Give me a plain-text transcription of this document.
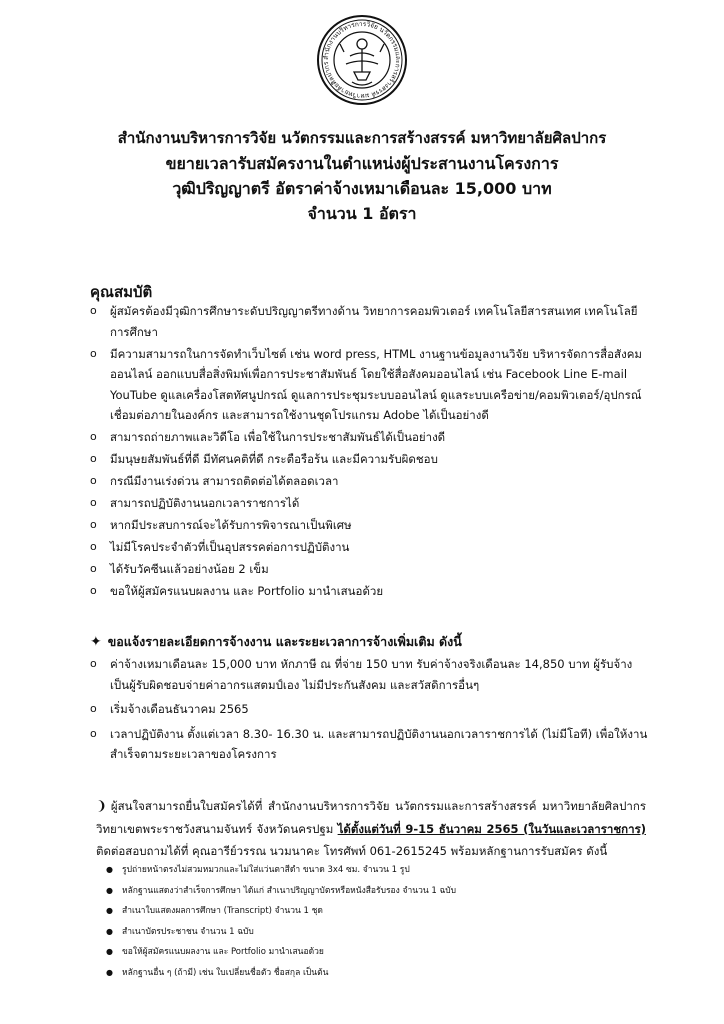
สำนักงานบริหารการวิจัย นวัตกรรมและการสร้างสรรค์ มหาวิทยาลัยศิลปากร
สำนักงานบริหารการวิจัย นวัตกรรมและการสร้างสรรค์ มหาวิทยาลัยศิลปากร
ขยายเวลารับสมัครงานในตำแหน่งผู้ประสานงานโครงการ
วุฒิปริญญาตรี อัตราค่าจ้างเหมาเดือนละ 15,000 บาท
จำนวน 1 อัตรา
คุณสมบัติ
o ผู้สมัครต้องมีวุฒิการศึกษาระดับปริญญาตรีทางด้าน วิทยาการคอมพิวเตอร์ เทคโนโลยีสารสนเทศ เทคโนโลยีการศึกษา
o มีความสามารถในการจัดทำเว็บไซต์ เช่น word press, HTML งานฐานข้อมูลงานวิจัย บริหารจัดการสื่อสังคมออนไลน์ ออกแบบสื่อสิ่งพิมพ์เพื่อการประชาสัมพันธ์ โดยใช้สื่อสังคมออนไลน์ เช่น Facebook Line E-mail YouTube ดูแลเครื่องโสตทัศนูปกรณ์ ดูแลการประชุมระบบออนไลน์ ดูแลระบบเครือข่าย/คอมพิวเตอร์/อุปกรณ์เชื่อมต่อภายในองค์กร และสามารถใช้งานชุดโปรแกรม Adobe ได้เป็นอย่างดี
o สามารถถ่ายภาพและวิดีโอ เพื่อใช้ในการประชาสัมพันธ์ได้เป็นอย่างดี
o มีมนุษยสัมพันธ์ที่ดี มีทัศนคติที่ดี กระตือรือร้น และมีความรับผิดชอบ
o กรณีมีงานเร่งด่วน สามารถติดต่อได้ตลอดเวลา
o สามารถปฏิบัติงานนอกเวลาราชการได้
o หากมีประสบการณ์จะได้รับการพิจารณาเป็นพิเศษ
o ไม่มีโรคประจำตัวที่เป็นอุปสรรคต่อการปฏิบัติงาน
o ได้รับวัคซีนแล้วอย่างน้อย 2 เข็ม
o ขอให้ผู้สมัครแนบผลงาน และ Portfolio มานำเสนอด้วย
✦ ขอแจ้งรายละเอียดการจ้างงาน และระยะเวลาการจ้างเพิ่มเติม ดังนี้
o ค่าจ้างเหมาเดือนละ 15,000 บาท หักภาษี ณ ที่จ่าย 150 บาท รับค่าจ้างจริงเดือนละ 14,850 บาท ผู้รับจ้างเป็นผู้รับผิดชอบจ่ายค่าอากรแสตมป์เอง ไม่มีประกันสังคม และสวัสดิการอื่นๆ
o เริ่มจ้างเดือนธันวาคม 2565
o เวลาปฏิบัติงาน ตั้งแต่เวลา 8.30- 16.30 น. และสามารถปฏิบัติงานนอกเวลาราชการได้ (ไม่มีโอที) เพื่อให้งานสำเร็จตามระยะเวลาของโครงการ
❩ ผู้สนใจสามารถยื่นใบสมัครได้ที่ สำนักงานบริหารการวิจัย นวัตกรรมและการสร้างสรรค์ มหาวิทยาลัยศิลปากร วิทยาเขตพระราชวังสนามจันทร์ จังหวัดนครปฐม ได้ตั้งแต่วันที่ 9-15 ธันวาคม 2565 (ในวันและเวลาราชการ) ติดต่อสอบถามได้ที่ คุณอารีย์วรรณ นวมนาคะ โทรศัพท์ 061-2615245 พร้อมหลักฐานการรับสมัคร ดังนี้
● รูปถ่ายหน้าตรงไม่สวมหมวกและไม่ใส่แว่นตาสีดำ ขนาด 3x4 ซม. จำนวน 1 รูป
● หลักฐานแสดงว่าสำเร็จการศึกษา ได้แก่ สำเนาปริญญาบัตรหรือหนังสือรับรอง จำนวน 1 ฉบับ
● สำเนาใบแสดงผลการศึกษา (Transcript) จำนวน 1 ชุด
● สำเนาบัตรประชาชน จำนวน 1 ฉบับ
● ขอให้ผู้สมัครแนบผลงาน และ Portfolio มานำเสนอด้วย
● หลักฐานอื่น ๆ (ถ้ามี) เช่น ใบเปลี่ยนชื่อตัว ชื่อสกุล เป็นต้น
